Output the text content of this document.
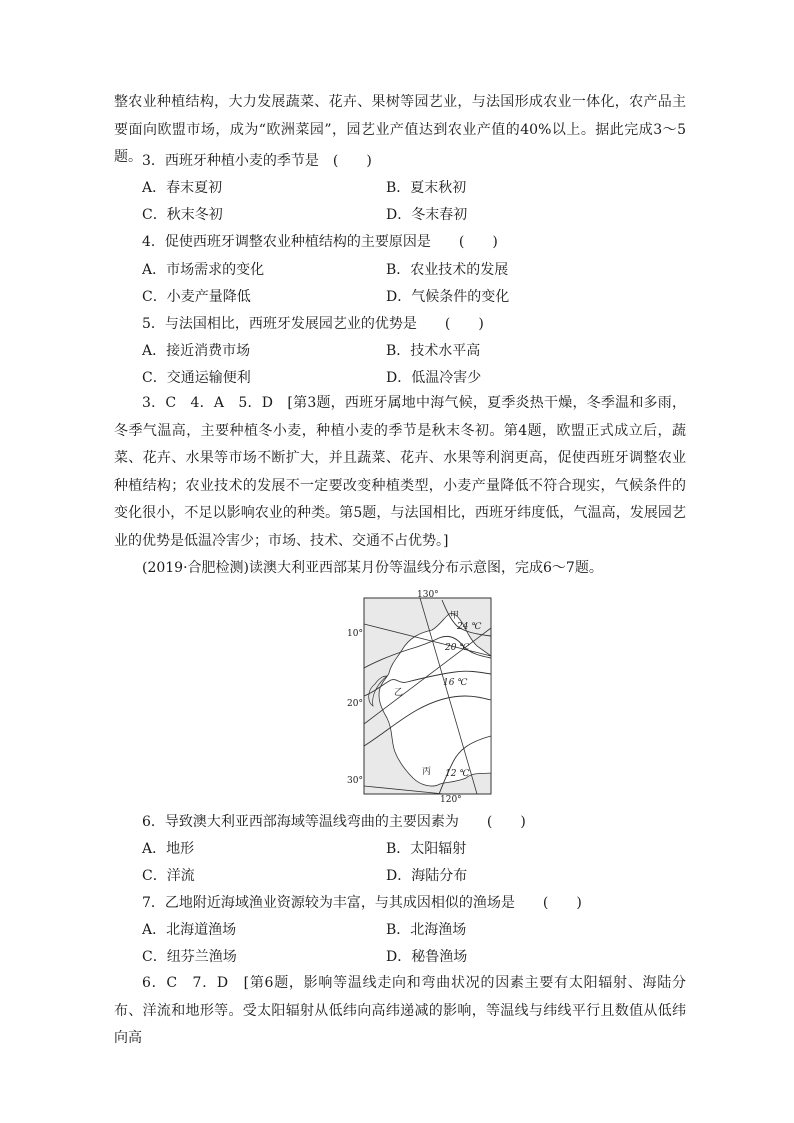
整农业种植结构，大力发展蔬菜、花卉、果树等园艺业，与法国形成农业一体化，农产品主要面向欧盟市场，成为“欧洲菜园”，园艺业产值达到农业产值的40%以上。据此完成3～5题。 3．西班牙种植小麦的季节是　(　　)
A．春末夏初	B．夏末秋初
C．秋末冬初	D．冬末春初
4．促使西班牙调整农业种植结构的主要原因是　　(　　)
A．市场需求的变化	B．农业技术的发展
C．小麦产量降低	D．气候条件的变化
5．与法国相比，西班牙发展园艺业的优势是　　(　　)
A．接近消费市场	B．技术水平高
C．交通运输便利	D．低温冷害少

3．C　4．A　5．D　[第3题，西班牙属地中海气候，夏季炎热干燥，冬季温和多雨，冬季气温高，主要种植冬小麦，种植小麦的季节是秋末冬初。第4题，欧盟正式成立后，蔬菜、花卉、水果等市场不断扩大，并且蔬菜、花卉、水果等利润更高，促使西班牙调整农业种植结构；农业技术的发展不一定要改变种植类型，小麦产量降低不符合现实，气候条件的变化很小，不足以影响农业的种类。第5题，与法国相比，西班牙纬度低，气温高，发展园艺业的优势是低温冷害少；市场、技术、交通不占优势。]

(2019·合肥检测)读澳大利亚西部某月份等温线分布示意图，完成6～7题。
130°
120°
10°
20°
30°
24 ℃
20 ℃
16 ℃
12 ℃
甲
乙
丙
6．导致澳大利亚西部海域等温线弯曲的主要因素为　　(　　)
A．地形	B．太阳辐射
C．洋流	D．海陆分布
7．乙地附近海域渔业资源较为丰富，与其成因相似的渔场是　　(　　)
A．北海道渔场	B．北海渔场
C．纽芬兰渔场	D．秘鲁渔场

6．C　7．D　[第6题，影响等温线走向和弯曲状况的因素主要有太阳辐射、海陆分布、洋流和地形等。受太阳辐射从低纬向高纬递减的影响，等温线与纬线平行且数值从低纬向高
